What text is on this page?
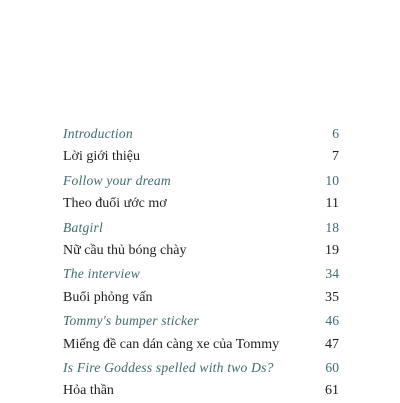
Introduction	6
Lời giới thiệu	7
Follow your dream	10
Theo đuổi ước mơ	11
Batgirl	18
Nữ cầu thủ bóng chày	19
The interview	34
Buổi phỏng vấn	35
Tommy's bumper sticker	46
Miếng đề can dán càng xe của Tommy	47
Is Fire Goddess spelled with two Ds?	60
Hỏa thần	61
